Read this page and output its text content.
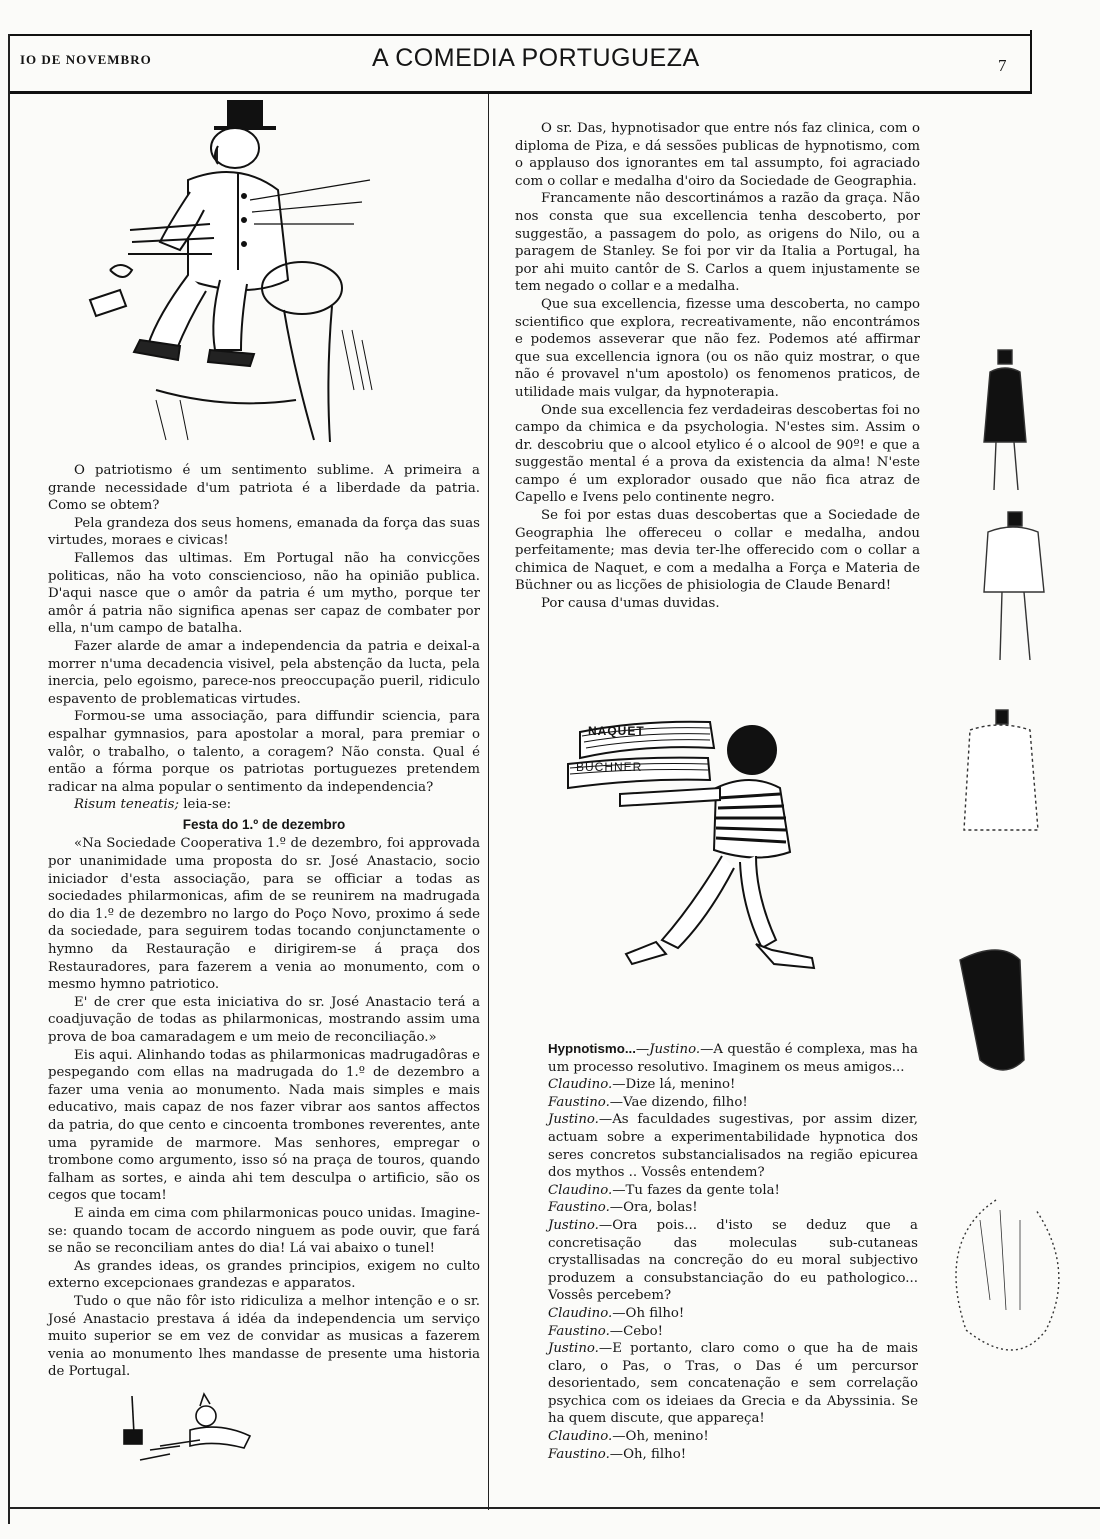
IO DE NOVEMBRO	A COMEDIA PORTUGUEZA	7

O patriotismo é um sentimento sublime. A primeira a grande necessidade d'um patriota é a liberdade da patria. Como se obtem?

Pela grandeza dos seus homens, emanada da força das suas virtudes, moraes e civicas!

Fallemos das ultimas. Em Portugal não ha convicções politicas, não ha voto consciencioso, não ha opinião publica. D'aqui nasce que o amôr da patria é um mytho, porque ter amôr á patria não significa apenas ser capaz de combater por ella, n'um campo de batalha.

Fazer alarde de amar a independencia da patria e deixal-a morrer n'uma decadencia visivel, pela abstenção da lucta, pela inercia, pelo egoismo, parece-nos preoccupação pueril, ridiculo espavento de problematicas virtudes.

Formou-se uma associação, para diffundir sciencia, para espalhar gymnasios, para apostolar a moral, para premiar o valôr, o trabalho, o talento, a coragem? Não consta. Qual é então a fórma porque os patriotas portuguezes pretendem radicar na alma popular o sentimento da independencia?

Risum teneatis; leia-se:

Festa do 1.º de dezembro

«Na Sociedade Cooperativa 1.º de dezembro, foi approvada por unanimidade uma proposta do sr. José Anastacio, socio iniciador d'esta associação, para se officiar a todas as sociedades philarmonicas, afim de se reunirem na madrugada do dia 1.º de dezembro no largo do Poço Novo, proximo á sede da sociedade, para seguirem todas tocando conjunctamente o hymno da Restauração e dirigirem-se á praça dos Restauradores, para fazerem a venia ao monumento, com o mesmo hymno patriotico.

E' de crer que esta iniciativa do sr. José Anastacio terá a coadjuvação de todas as philarmonicas, mostrando assim uma prova de boa camaradagem e um meio de reconciliação.»

Eis aqui. Alinhando todas as philarmonicas madrugadôras e pespegando com ellas na madrugada do 1.º de dezembro a fazer uma venia ao monumento. Nada mais simples e mais educativo, mais capaz de nos fazer vibrar aos santos affectos da patria, do que cento e cincoenta trombones reverentes, ante uma pyramide de marmore. Mas senhores, empregar o trombone como argumento, isso só na praça de touros, quando falham as sortes, e ainda ahi tem desculpa o artificio, são os cegos que tocam!

E ainda em cima com philarmonicas pouco unidas. Imagine-se: quando tocam de accordo ninguem as pode ouvir, que fará se não se reconciliam antes do dia! Lá vai abaixo o tunel!

As grandes ideas, os grandes principios, exigem no culto externo excepcionaes grandezas e apparatos.

Tudo o que não fôr isto ridiculiza a melhor intenção e o sr. José Anastacio prestava á idéa da independencia um serviço muito superior se em vez de convidar as musicas a fazerem venia ao monumento lhes mandasse de presente uma historia de Portugal.

O sr. Das, hypnotisador que entre nós faz clinica, com o diploma de Piza, e dá sessões publicas de hypnotismo, com o applauso dos ignorantes em tal assumpto, foi agraciado com o collar e medalha d'oiro da Sociedade de Geographia.

Francamente não descortinámos a razão da graça. Não nos consta que sua excellencia tenha descoberto, por suggestão, a passagem do polo, as origens do Nilo, ou a paragem de Stanley. Se foi por vir da Italia a Portugal, ha por ahi muito cantôr de S. Carlos a quem injustamente se tem negado o collar e a medalha.

Que sua excellencia, fizesse uma descoberta, no campo scientifico que explora, recreativamente, não encontrámos e podemos asseverar que não fez. Podemos até affirmar que sua excellencia ignora (ou os não quiz mostrar, o que não é provavel n'um apostolo) os fenomenos praticos, de utilidade mais vulgar, da hypnoterapia.

Onde sua excellencia fez verdadeiras descobertas foi no campo da chimica e da psychologia. N'estes sim. Assim o dr. descobriu que o alcool etylico é o alcool de 90º! e que a suggestão mental é a prova da existencia da alma! N'este campo é um explorador ousado que não fica atraz de Capello e Ivens pelo continente negro.

Se foi por estas duas descobertas que a Sociedade de Geographia lhe offereceu o collar e medalha, andou perfeitamente; mas devia ter-lhe offerecido com o collar a chimica de Naquet, e com a medalha a Força e Materia de Büchner ou as licções de phisiologia de Claude Benard!

Por causa d'umas duvidas.

NAQUET
BUCHNER

Hypnotismo...—Justino.—A questão é complexa, mas ha um processo resolutivo. Imaginem os meus amigos...

Claudino.—Dize lá, menino!

Faustino.—Vae dizendo, filho!

Justino.—As faculdades sugestivas, por assim dizer, actuam sobre a experimentabilidade hypnotica dos seres concretos substancialisados na região epicurea dos mythos .. Vossês entendem?

Claudino.—Tu fazes da gente tola!

Faustino.—Ora, bolas!

Justino.—Ora pois... d'isto se deduz que a concretisação das moleculas sub-cutaneas crystallisadas na concreção do eu moral subjectivo produzem a consubstanciação do eu pathologico... Vossês percebem?

Claudino.—Oh filho!

Faustino.—Cebo!

Justino.—E portanto, claro como o que ha de mais claro, o Pas, o Tras, o Das é um percursor desorientado, sem concatenação e sem correlação psychica com os ideiaes da Grecia e da Abyssinia. Se ha quem discute, que appareça!

Claudino.—Oh, menino!

Faustino.—Oh, filho!
